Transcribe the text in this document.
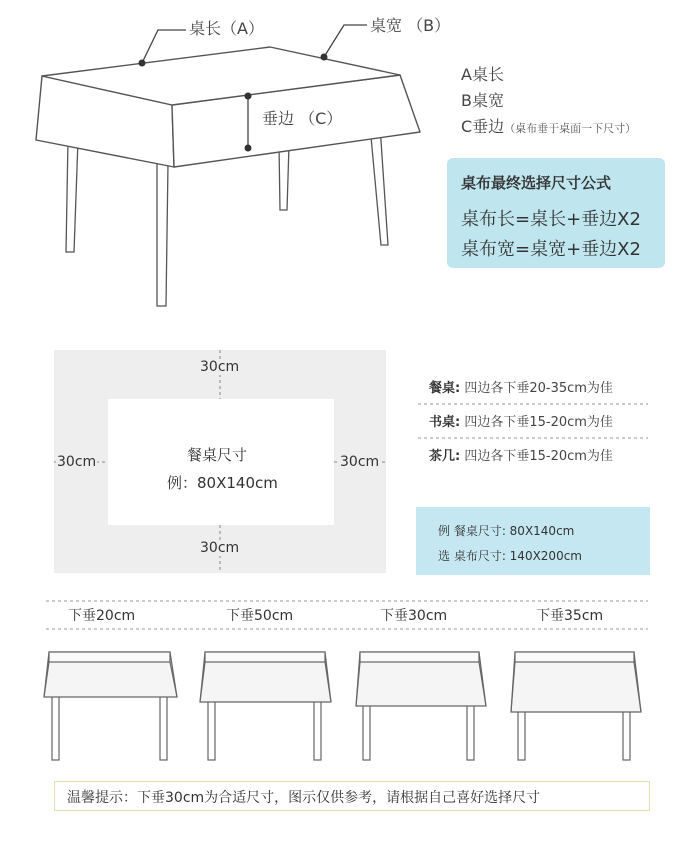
桌长（A）	桌宽 （B）
垂边 （C）
A桌长
B桌宽
C垂边（桌布垂于桌面一下尺寸）
桌布最终选择尺寸公式
桌布长=桌长+垂边X2
桌布宽=桌宽+垂边X2
30cm
30cm
30cm	30cm
餐桌尺寸
例：80X140cm
餐桌: 四边各下垂20-35cm为佳
书桌: 四边各下垂15-20cm为佳
茶几: 四边各下垂15-20cm为佳
例 餐桌尺寸: 80X140cm
选 桌布尺寸: 140X200cm
下垂20cm	下垂50cm	下垂30cm	下垂35cm
温馨提示：下垂30cm为合适尺寸，图示仅供参考，请根据自己喜好选择尺寸
